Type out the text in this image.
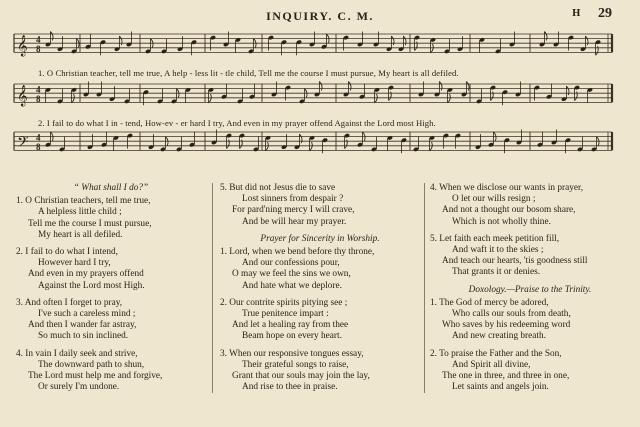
INQUIRY. C. M.	H 29
𝄞 4
8
𝄞 4
8
𝄢 4
8
1. O Christian teacher, tell me true, A help - less lit - tle child, Tell me the course I must pursue, My heart is all defiled.
2. I fail to do what I in - tend, How-ev - er hard I try, And even in my prayer offend Against the Lord most High.
“ What shall I do?”
1. O Christian teachers, tell me true,
A helpless little child ;
Tell me the course I must pursue,
My heart is all defiled.
2. I fail to do what I intend,
However hard I try,
And even in my prayers offend
Against the Lord most High.
3. And often I forget to pray,
I've such a careless mind ;
And then I wander far astray,
So much to sin inclined.
4. In vain I daily seek and strive,
The downward path to shun,
The Lord must help me and forgive,
Or surely I'm undone.
5. But did not Jesus die to save
Lost sinners from despair ?
For pard'ning mercy I will crave,
And be will hear my prayer.
Prayer for Sincerity in Worship.
1. Lord, when we bend before thy throne,
And our confessions pour,
O may we feel the sins we own,
And hate what we deplore.
2. Our contrite spirits pitying see ;
True penitence impart :
And let a healing ray from thee
Beam hope on every heart.
3. When our responsive tongues essay,
Their grateful songs to raise,
Grant that our souls may join the lay,
And rise to thee in praise.
4. When we disclose our wants in prayer,
O let our wills resign ;
And not a thought our bosom share,
Which is not wholly thine.
5. Let faith each meek petition fill,
And waft it to the skies ;
And teach our hearts, 'tis goodness still
That grants it or denies.
Doxology.—Praise to the Trinity.
1. The God of mercy be adored,
Who calls our souls from death,
Who saves by his redeeming word
And new creating breath.
2. To praise the Father and the Son,
And Spirit all divine,
The one in three, and three in one,
Let saints and angels join.
